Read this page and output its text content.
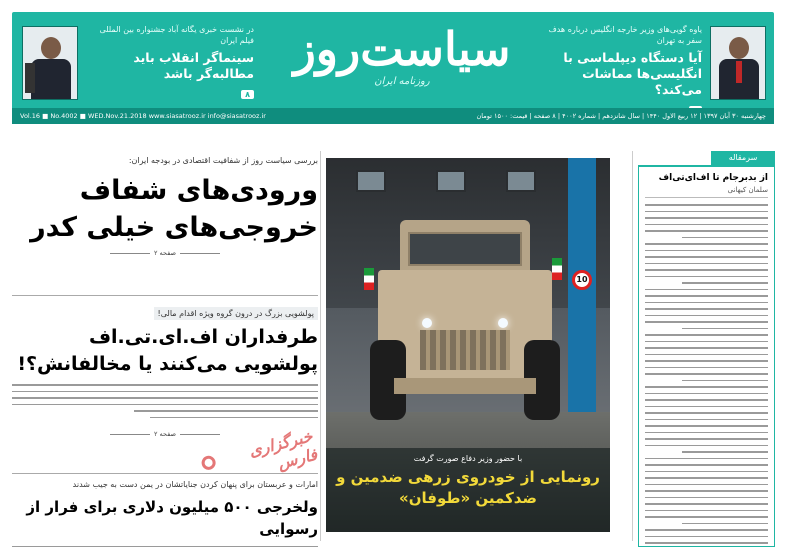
در نشست خبری یگانه آباد جشنواره بین المللی فیلم ایران
سینماگر انقلاب باید مطالبه‌گر باشد
۸
سیاست‌روز
روزنامه ایران
یاوه گویی‌های وزیر خارجه انگلیس درباره هدف سفر به تهران
آیا دستگاه دیپلماسی با انگلیسی‌ها مماشات می‌کند؟
Vol.16 ■ No.4002 ■ WED.Nov.21.2018 www.siasatrooz.ir info@siasatrooz.ir	چهارشنبه ۳۰ آبان ۱۳۹۷ | ۱۲ ربیع الاول ۱۴۴۰ | سال شانزدهم | شماره ۴۰۰۲ | ۸ صفحه | قیمت: ۱۵۰۰ تومان
سرمقاله
از بدبرجام تا اف‌ای‌تی‌اف
سلمان کیهانی
10
با حضور وزیر دفاع صورت گرفت
رونمایی از خودروی زرهی ضدمین و ضدکمین «طوفان»
بررسی سیاست روز از شفافیت اقتصادی در بودجه ایران:
ورودی‌های شفاف خروجی‌های خیلی کدر
صفحه ۲
پولشویی بزرگ در درون گروه ویژه اقدام مالی!
طرفداران اف.ای.تی.اف پولشویی می‌کنند یا مخالفانش؟!
صفحه ۲	خبرگزاری فارس
امارات و عربستان برای پنهان کردن جنایاتشان در یمن دست به جیب شدند
ولخرجی ۵۰۰ میلیون دلاری برای فرار از رسوایی
